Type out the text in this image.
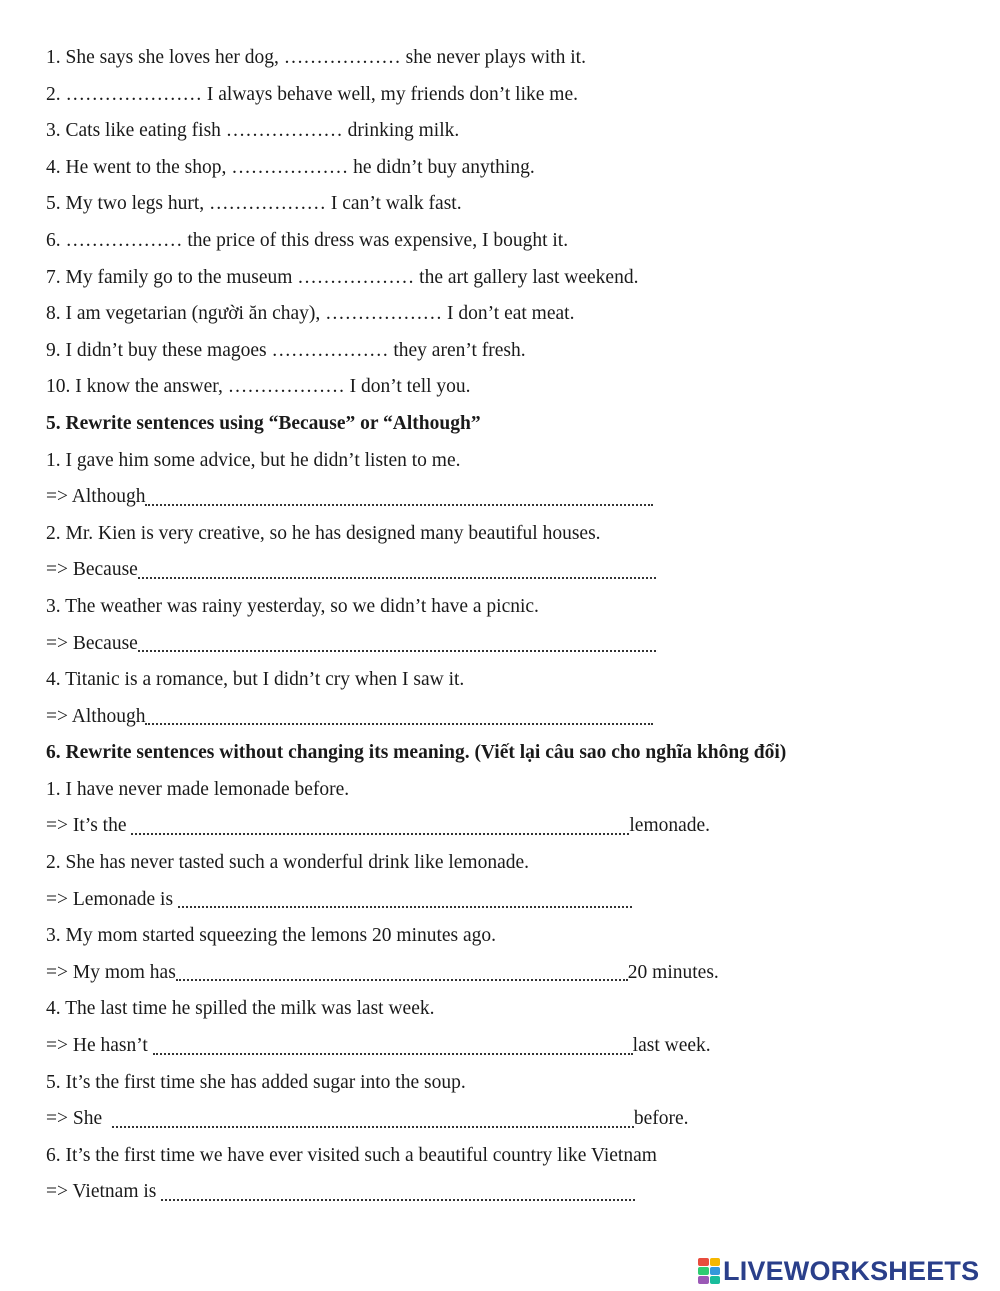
1. She says she loves her dog, ……………… she never plays with it.
2. ………………… I always behave well, my friends don’t like me.
3. Cats like eating fish ……………… drinking milk.
4. He went to the shop, ……………… he didn’t buy anything.
5. My two legs hurt, ……………… I can’t walk fast.
6. ……………… the price of this dress was expensive, I bought it.
7. My family go to the museum ……………… the art gallery last weekend.
8. I am vegetarian (người ăn chay), ……………… I don’t eat meat.
9. I didn’t buy these magoes ……………… they aren’t fresh.
10. I know the answer, ……………… I don’t tell you.
5. Rewrite sentences using “Because” or “Although”
1. I gave him some advice, but he didn’t listen to me.
=> Although
2. Mr. Kien is very creative, so he has designed many beautiful houses.
=> Because
3. The weather was rainy yesterday, so we didn’t have a picnic.
=> Because
4. Titanic is a romance, but I didn’t cry when I saw it.
=> Although
6. Rewrite sentences without changing its meaning. (Viết lại câu sao cho nghĩa không đổi)
1. I have never made lemonade before.
=> It’s the	lemonade.
2. She has never tasted such a wonderful drink like lemonade.
=> Lemonade is
3. My mom started squeezing the lemons 20 minutes ago.
=> My mom has	20 minutes.
4. The last time he spilled the milk was last week.
=> He hasn’t	last week.
5. It’s the first time she has added sugar into the soup.
=> She	before.
6. It’s the first time we have ever visited such a beautiful country like Vietnam
=> Vietnam is
LIVEWORKSHEETS
